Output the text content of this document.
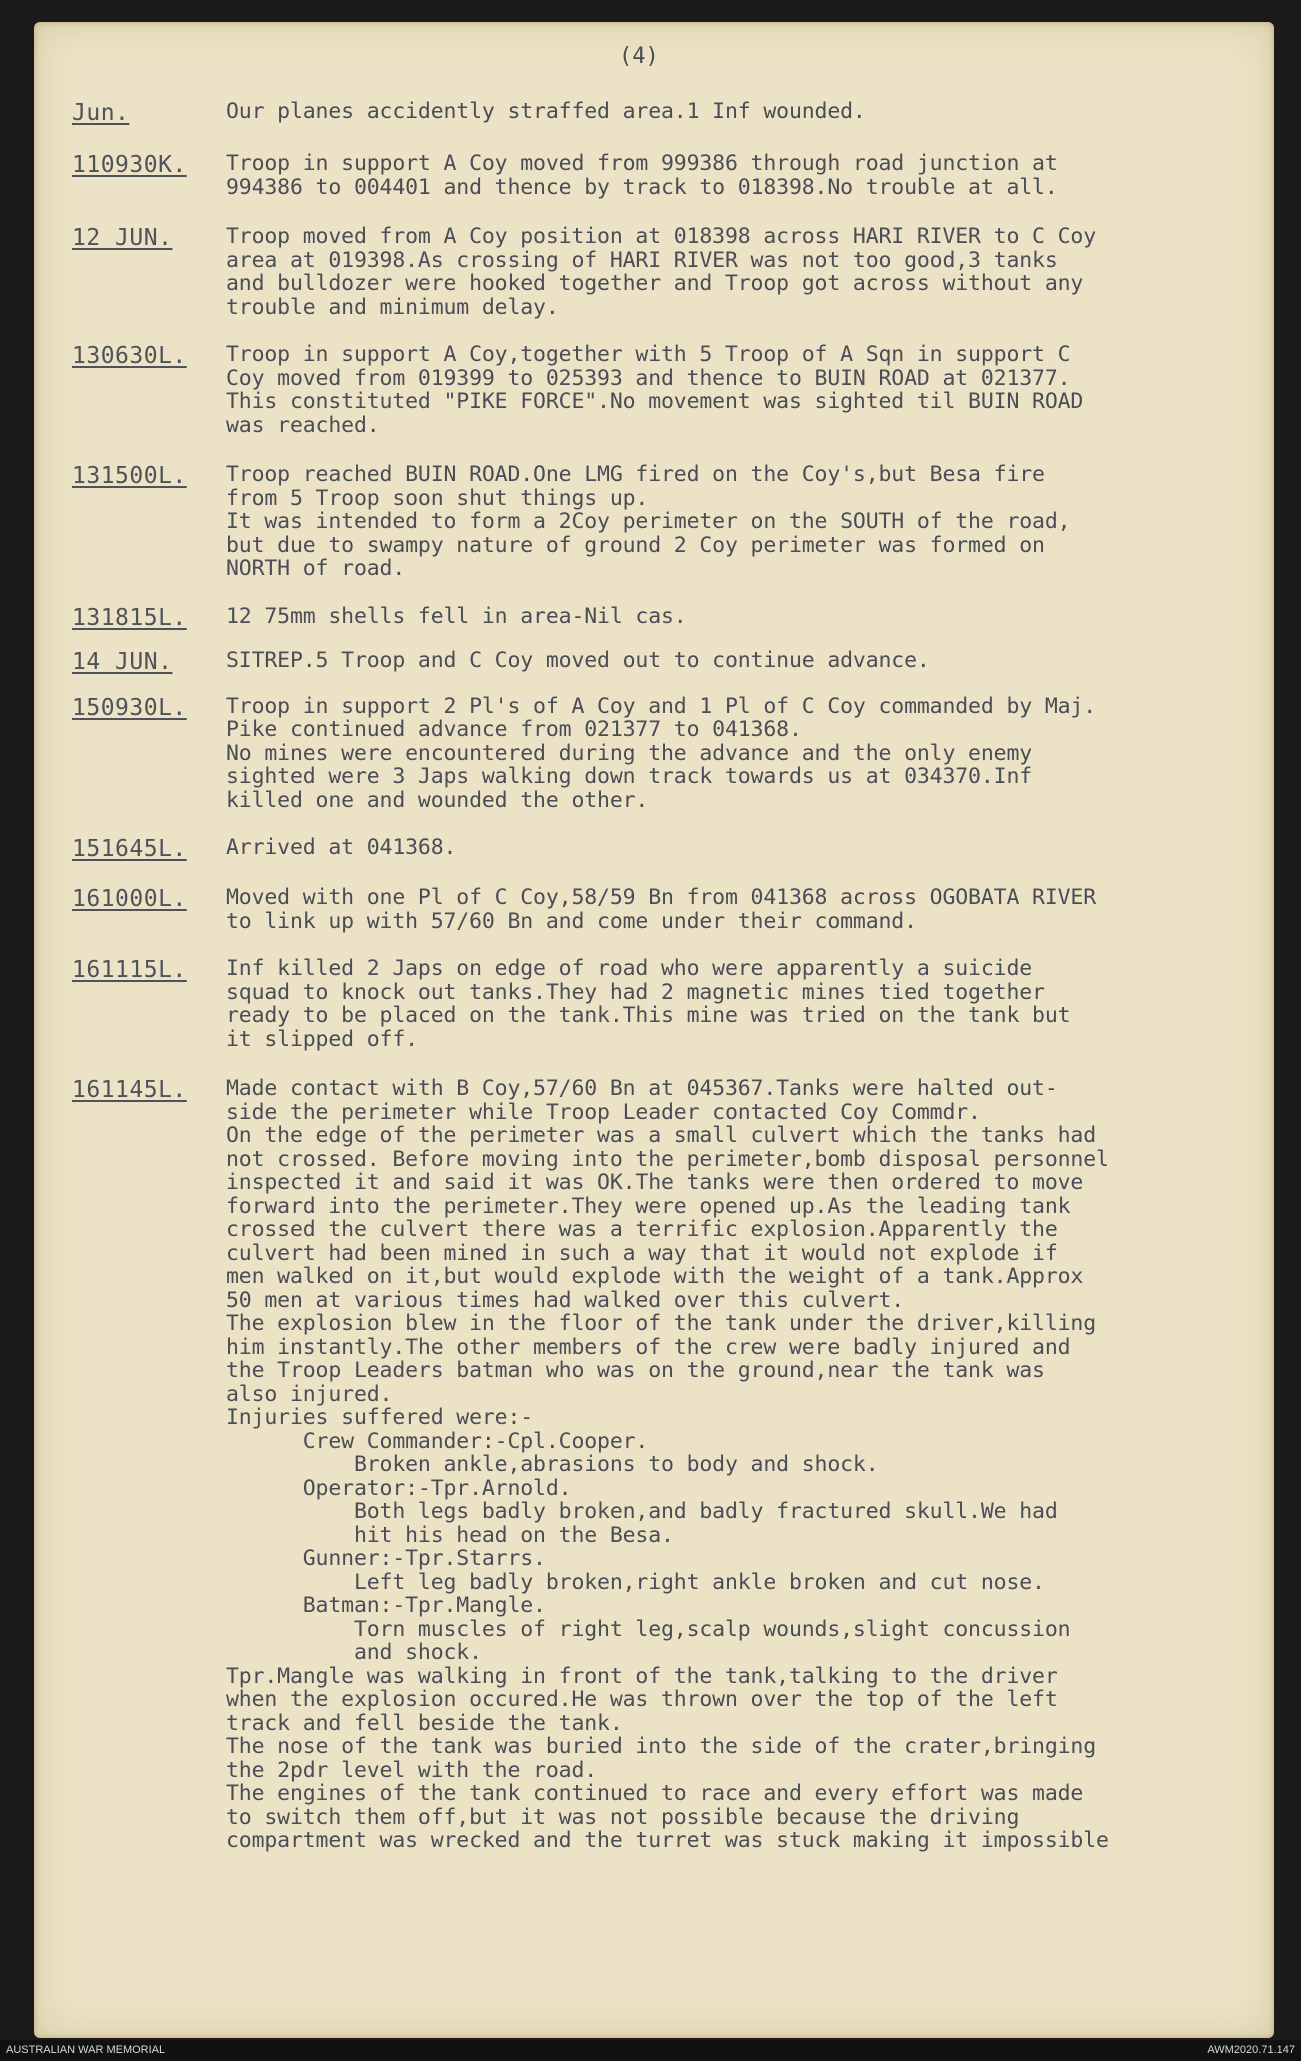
(4)

Jun.	Our planes accidently straffed area.1 Inf wounded.

110930K.	Troop in support A Coy moved from 999386 through road junction at

994386 to 004401 and thence by track to 018398.No trouble at all.

12 JUN.	Troop moved from A Coy position at 018398 across HARI RIVER to C Coy

area at 019398.As crossing of HARI RIVER was not too good,3 tanks

and bulldozer were hooked together and Troop got across without any

trouble and minimum delay.

130630L.	Troop in support A Coy,together with 5 Troop of A Sqn in support C

Coy moved from 019399 to 025393 and thence to BUIN ROAD at 021377.

This constituted "PIKE FORCE".No movement was sighted til BUIN ROAD

was reached.

131500L.	Troop reached BUIN ROAD.One LMG fired on the Coy's,but Besa fire

from 5 Troop soon shut things up.

It was intended to form a 2Coy perimeter on the SOUTH of the road,

but due to swampy nature of ground 2 Coy perimeter was formed on

NORTH of road.

131815L.	12 75mm shells fell in area-Nil cas.

14 JUN.	SITREP.5 Troop and C Coy moved out to continue advance.

150930L.	Troop in support 2 Pl's of A Coy and 1 Pl of C Coy commanded by Maj.

Pike continued advance from 021377 to 041368.

No mines were encountered during the advance and the only enemy

sighted were 3 Japs walking down track towards us at 034370.Inf

killed one and wounded the other.

151645L.	Arrived at 041368.

161000L.	Moved with one Pl of C Coy,58/59 Bn from 041368 across OGOBATA RIVER

to link up with 57/60 Bn and come under their command.

161115L.	Inf killed 2 Japs on edge of road who were apparently a suicide

squad to knock out tanks.They had 2 magnetic mines tied together

ready to be placed on the tank.This mine was tried on the tank but

it slipped off.

161145L.	Made contact with B Coy,57/60 Bn at 045367.Tanks were halted out-

side the perimeter while Troop Leader contacted Coy Commdr.

On the edge of the perimeter was a small culvert which the tanks had

not crossed. Before moving into the perimeter,bomb disposal personnel

inspected it and said it was OK.The tanks were then ordered to move

forward into the perimeter.They were opened up.As the leading tank

crossed the culvert there was a terrific explosion.Apparently the

culvert had been mined in such a way that it would not explode if

men walked on it,but would explode with the weight of a tank.Approx

50 men at various times had walked over this culvert.

The explosion blew in the floor of the tank under the driver,killing

him instantly.The other members of the crew were badly injured and

the Troop Leaders batman who was on the ground,near the tank was

also injured.

Injuries suffered were:-

Crew Commander:-Cpl.Cooper.

Broken ankle,abrasions to body and shock.

Operator:-Tpr.Arnold.

Both legs badly broken,and badly fractured skull.We had

hit his head on the Besa.

Gunner:-Tpr.Starrs.

Left leg badly broken,right ankle broken and cut nose.

Batman:-Tpr.Mangle.

Torn muscles of right leg,scalp wounds,slight concussion

and shock.

Tpr.Mangle was walking in front of the tank,talking to the driver

when the explosion occured.He was thrown over the top of the left

track and fell beside the tank.

The nose of the tank was buried into the side of the crater,bringing

the 2pdr level with the road.

The engines of the tank continued to race and every effort was made

to switch them off,but it was not possible because the driving

compartment was wrecked and the turret was stuck making it impossible

AUSTRALIAN WAR MEMORIAL	AWM2020.71.147
